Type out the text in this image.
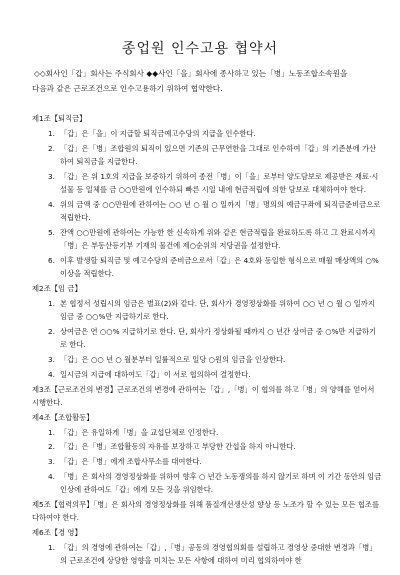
종업원 인수고용 협약서

◇◇회사인「갑」회사는 주식회사 ◆◆사인「을」회사에 종사하고 있는「병」노동조합소속원을

다음과 같은 근로조건으로 인수고용하기 위하여 협약한다.

제1조【퇴직금】
1. 「갑」은「을」이 지급할 퇴직금예고수당의 지급을 인수한다.
2. 「갑」은「병」조합원의 퇴직이 있으면 기존의 근무연한을 그대로 인수하여「갑」의 기존분에 가산하여 퇴직금을 지급한다.
3. 「갑」은 위 1호의 지급을 보증하기 위하여 종전「병」이「을」로부터 양도담보로 제공받은 재료·시설물 등 일체를 금 ○○만원에 인수하되 빠른 시일 내에 현금적립에 의한 담보로 대체하여야 한다.
4. 위의 금액 중 ○○만원에 관하여는 ○○ 년 ○ 월 ○ 일까지「병」명의의 예금구좌에 퇴직금준비금으로 적립한다.
5. 잔액 ○○만원에 관하여는 가능한 한 신속하게 위와 같은 현금적립을 완료하도록 하고 그 완료시까지「병」은 부동산등기부 기재의 물건에 제○순위의 저당권을 설정한다.
6. 이후 발생할 퇴직금 및 예고수당의 준비금으로서「갑」은 4호와 동일한 형식으로 매월 매상액의 ○% 이상을 적립한다.
제2조【임 금】
1. 본 협정서 성립시의 임금은 별표(2)와 같다. 단, 회사가 경영정상화를 위하여 ○○ 년 ○ 월 ○ 일까지 임금 중 ○○%만 지급하기로 한다.
2. 상여금은 연 ○○% 지급하기로 한다. 단, 회사가 정상화될 때까지 ○ 년간 상여금 중 ○%만 지급하기로 한다.
3. 「갑」은 ○○ 년 ○ 월분부터 일률적으로 일당 ○원의 임금을 인상한다.
4. 일시금의 지급에 대하여도「갑」이 서로 협의하여 결정한다.

제3조【근로조건의 변경】근로조건의 변경에 관하여는「갑」,「병」이 협의를 하고「병」의 양해를 얻어서 시행한다.

제4조【조합활동】
1. 「갑」은 유일하게「병」을 교섭단체로 인정한다.
2. 「갑」은「병」조합활동의 자유를 보장하고 부당한 간섭을 하지 아니한다.
3. 「갑」은「병」에게 조합사무소를 대여한다.
4. 「병」은 회사의 경영정상화를 위하여 향후 ○ 년간 노동쟁의를 하지 않기로 하며 이 기간 동안의 임금인상에 관하여도「갑」에게 모든 것을 위임한다.

제5조【협력의무】「병」은 회사의 경영정상화를 위해 품질개선생산성 향상 등 노조가 할 수 있는 모든 협조를 다하여야 한다.

제6조【경 영】
1. 「갑」의 경영에 관하여는「갑」,「병」공동의 경영협의회를 설립하고 경영상 중대한 변경과「병」의 근로조건에 상당한 영향을 미치는 모든 사항에 대하여 미리 협의하여야 한
